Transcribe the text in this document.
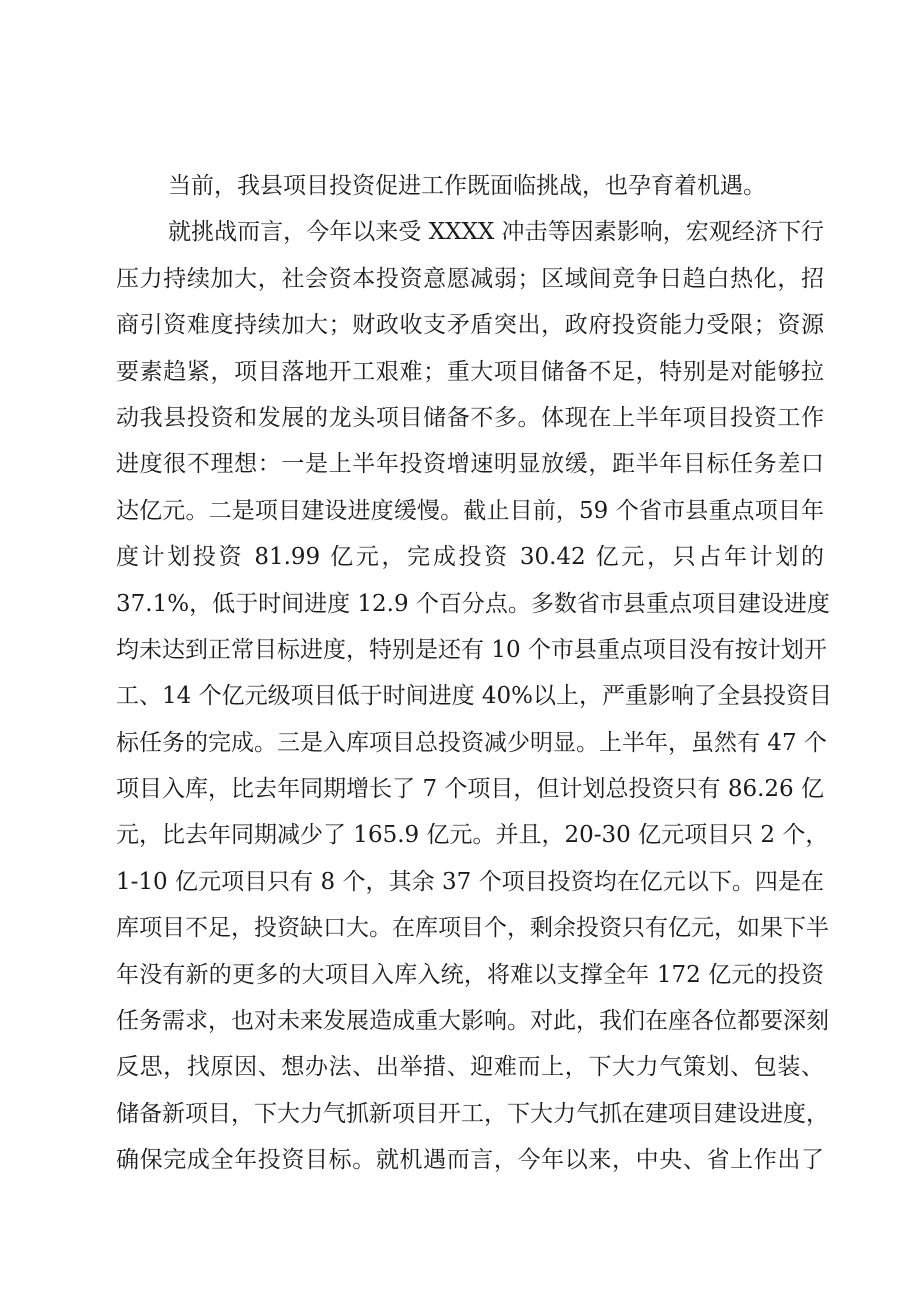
当前，我县项目投资促进工作既面临挑战，也孕育着机遇。
就挑战而言，今年以来受 XXXX 冲击等因素影响，宏观经济下行
压力持续加大，社会资本投资意愿减弱；区域间竞争日趋白热化，招
商引资难度持续加大；财政收支矛盾突出，政府投资能力受限；资源
要素趋紧，项目落地开工艰难；重大项目储备不足，特别是对能够拉
动我县投资和发展的龙头项目储备不多。体现在上半年项目投资工作
进度很不理想：一是上半年投资增速明显放缓，距半年目标任务差口
达亿元。二是项目建设进度缓慢。截止目前，59 个省市县重点项目年
度计划投资 81.99 亿元，完成投资 30.42 亿元，只占年计划的
37.1%，低于时间进度 12.9 个百分点。多数省市县重点项目建设进度
均未达到正常目标进度，特别是还有 10 个市县重点项目没有按计划开
工、14 个亿元级项目低于时间进度 40%以上，严重影响了全县投资目
标任务的完成。三是入库项目总投资减少明显。上半年，虽然有 47 个
项目入库，比去年同期增长了 7 个项目，但计划总投资只有 86.26 亿
元，比去年同期减少了 165.9 亿元。并且，20-30 亿元项目只 2 个，
1-10 亿元项目只有 8 个，其余 37 个项目投资均在亿元以下。四是在
库项目不足，投资缺口大。在库项目个，剩余投资只有亿元，如果下半
年没有新的更多的大项目入库入统，将难以支撑全年 172 亿元的投资
任务需求，也对未来发展造成重大影响。对此，我们在座各位都要深刻
反思，找原因、想办法、出举措、迎难而上，下大力气策划、包装、
储备新项目，下大力气抓新项目开工，下大力气抓在建项目建设进度，
确保完成全年投资目标。就机遇而言，今年以来，中央、省上作出了
